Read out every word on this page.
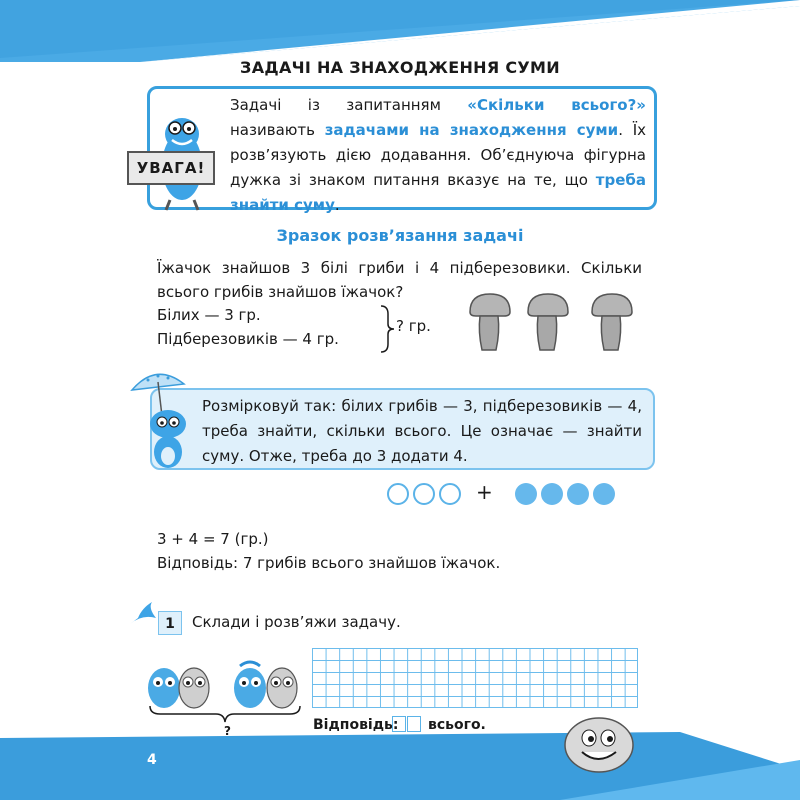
ЗАДАЧІ НА ЗНАХОДЖЕННЯ СУМИ
УВАГА!
Задачі із запитанням «Скільки всього?» називають задачами на знаходження суми. Їх розв’язують дією додавання. Об’єднуюча фігурна дужка зі знаком питання вказує на те, що треба знайти суму.
Зразок розв’язання задачі
Їжачок знайшов 3 білі гриби і 4 підберезовики. Скільки всього грибів знайшов їжачок?
Білих — 3 гр.
Підберезовиків — 4 гр.
? гр.
Розмірковуй так: білих грибів — 3, підберезовиків — 4, треба знайти, скільки всього. Це означає — знайти суму. Отже, треба до 3 додати 4.
+
3 + 4 = 7 (гр.)
Відповідь: 7 грибів всього знайшов їжачок.
1	Склади і розв’яжи задачу.
?	Відповідь: всього.
4
